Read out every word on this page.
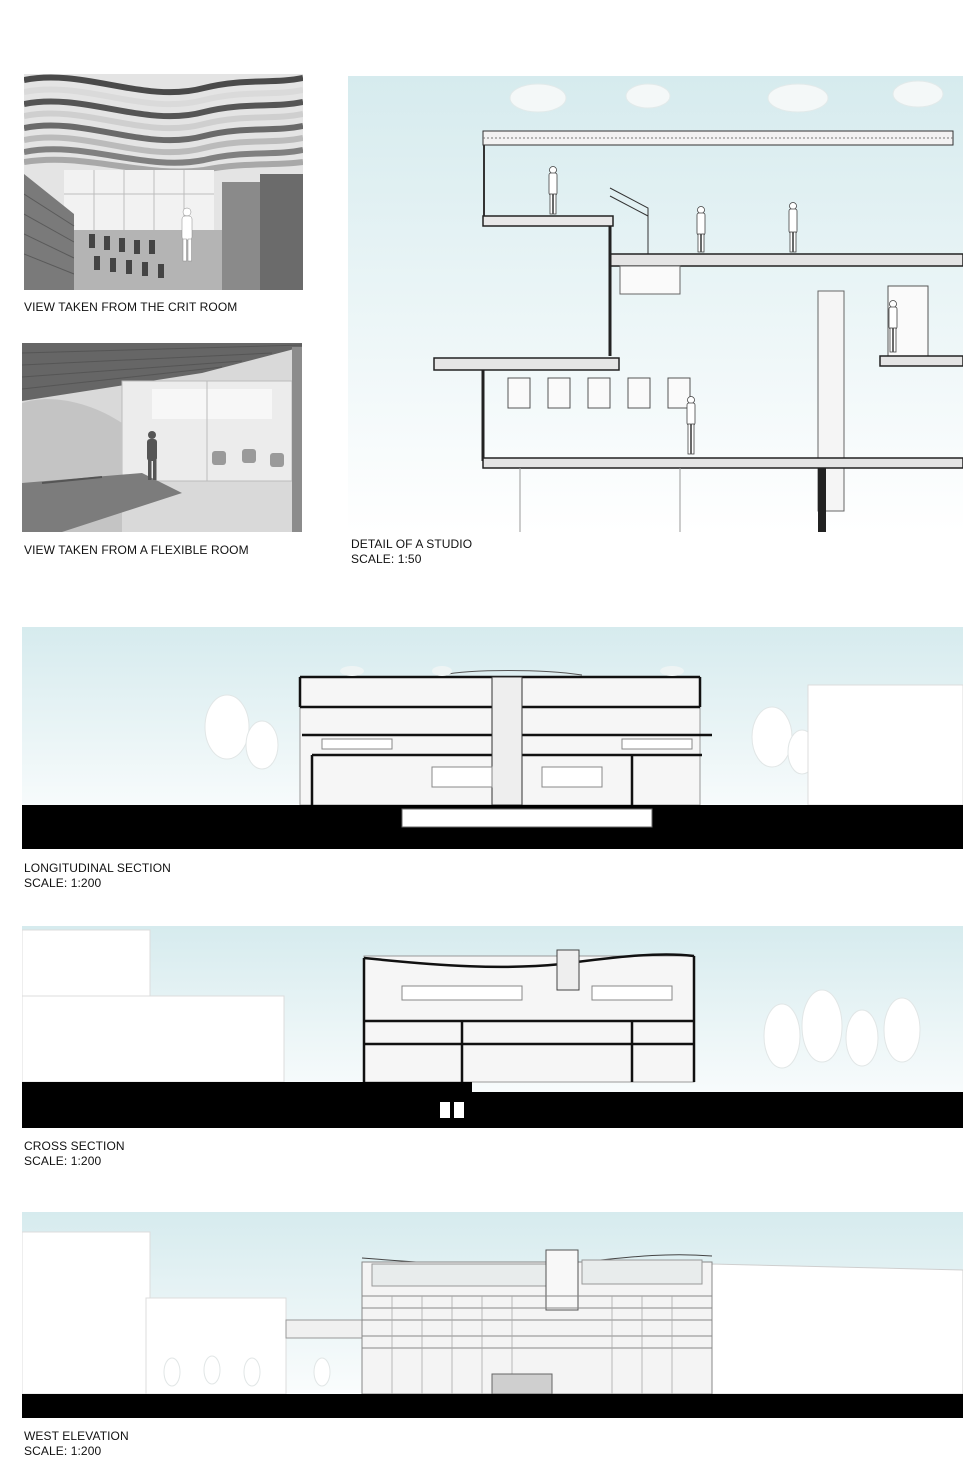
VIEW TAKEN FROM THE CRIT ROOM
VIEW TAKEN FROM A FLEXIBLE ROOM	DETAIL OF A STUDIO
SCALE: 1:50
LONGITUDINAL SECTION
SCALE: 1:200
CROSS SECTION
SCALE: 1:200
WEST ELEVATION
SCALE: 1:200
